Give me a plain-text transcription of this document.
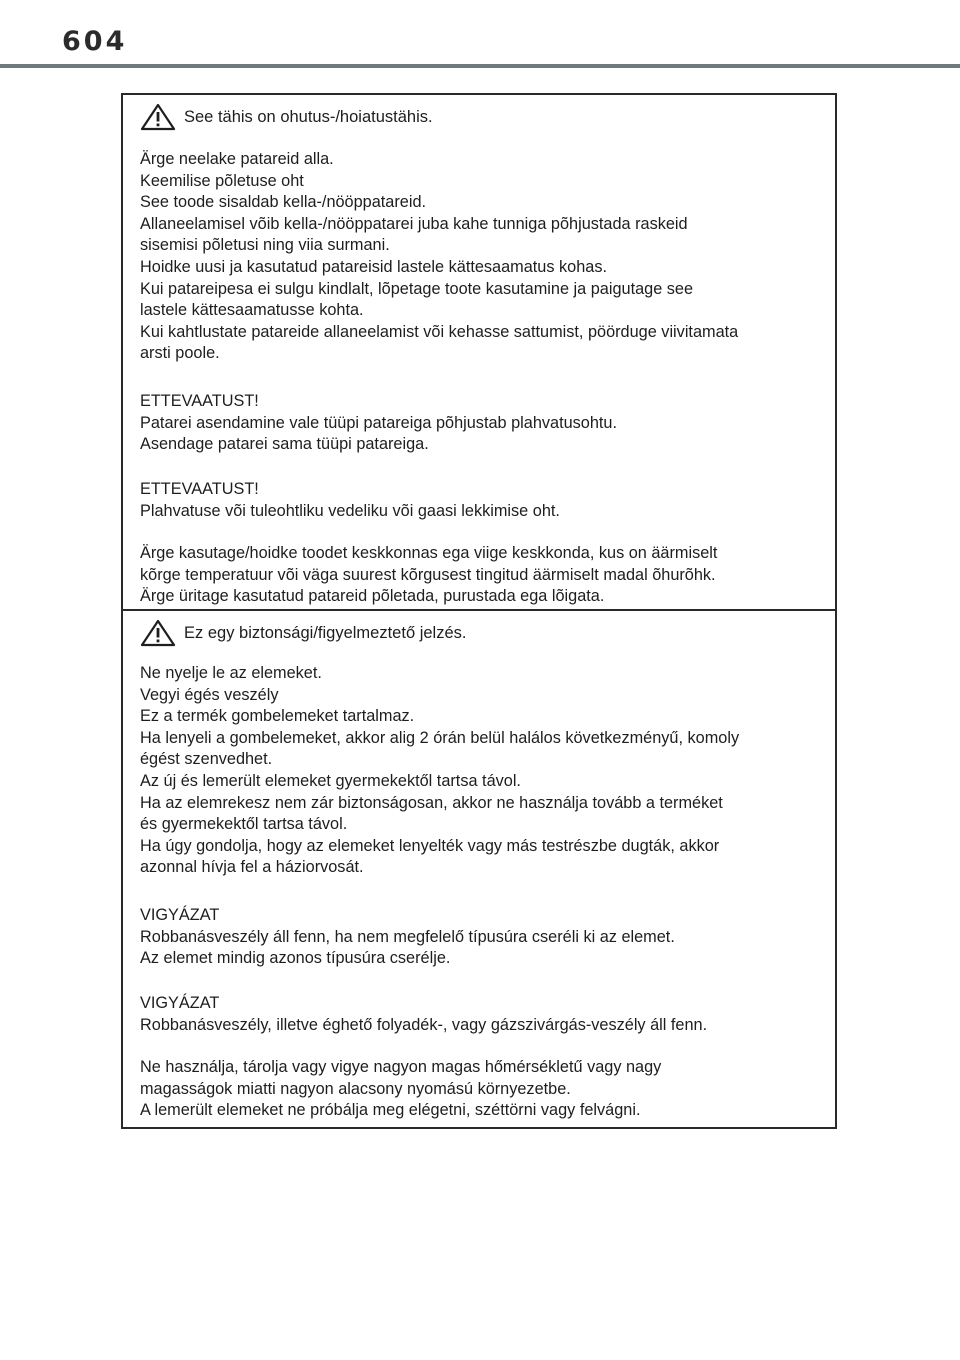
604
See tähis on ohutus-/hoiatustähis.
Ärge neelake patareid alla.
Keemilise põletuse oht
See toode sisaldab kella-/nööppatareid.
Allaneelamisel võib kella-/nööppatarei juba kahe tunniga põhjustada raskeid
sisemisi põletusi ning viia surmani.
Hoidke uusi ja kasutatud patareisid lastele kättesaamatus kohas.
Kui patareipesa ei sulgu kindlalt, lõpetage toote kasutamine ja paigutage see
lastele kättesaamatusse kohta.
Kui kahtlustate patareide allaneelamist või kehasse sattumist, pöörduge viivitamata
arsti poole.
ETTEVAATUST!
Patarei asendamine vale tüüpi patareiga põhjustab plahvatusohtu.
Asendage patarei sama tüüpi patareiga.
ETTEVAATUST!
Plahvatuse või tuleohtliku vedeliku või gaasi lekkimise oht.
Ärge kasutage/hoidke toodet keskkonnas ega viige keskkonda, kus on äärmiselt
kõrge temperatuur või väga suurest kõrgusest tingitud äärmiselt madal õhurõhk.
Ärge üritage kasutatud patareid põletada, purustada ega lõigata.
Ez egy biztonsági/figyelmeztető jelzés.
Ne nyelje le az elemeket.
Vegyi égés veszély
Ez a termék gombelemeket tartalmaz.
Ha lenyeli a gombelemeket, akkor alig 2 órán belül halálos következményű, komoly
égést szenvedhet.
Az új és lemerült elemeket gyermekektől tartsa távol.
Ha az elemrekesz nem zár biztonságosan, akkor ne használja tovább a terméket
és gyermekektől tartsa távol.
Ha úgy gondolja, hogy az elemeket lenyelték vagy más testrészbe dugták, akkor
azonnal hívja fel a háziorvosát.
VIGYÁZAT
Robbanásveszély áll fenn, ha nem megfelelő típusúra cseréli ki az elemet.
Az elemet mindig azonos típusúra cserélje.
VIGYÁZAT
Robbanásveszély, illetve éghető folyadék-, vagy gázszivárgás-veszély áll fenn.
Ne használja, tárolja vagy vigye nagyon magas hőmérsékletű vagy nagy
magasságok miatti nagyon alacsony nyomású környezetbe.
A lemerült elemeket ne próbálja meg elégetni, széttörni vagy felvágni.
